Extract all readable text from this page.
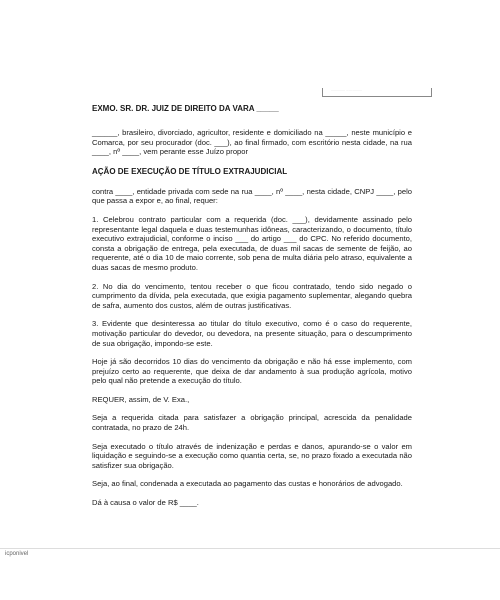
.............. ...............

EXMO. SR. DR. JUIZ DE DIREITO DA VARA _____

______, brasileiro, divorciado, agricultor, residente e domiciliado na _____, neste município e Comarca, por seu procurador (doc. ___), ao final firmado, com escritório nesta cidade, na rua ____, nº ____, vem perante esse Juízo propor

AÇÃO DE EXECUÇÃO DE TÍTULO EXTRAJUDICIAL

contra ____, entidade privada com sede na rua ____, nº ____, nesta cidade, CNPJ ____, pelo que passa a expor e, ao final, requer:

1. Celebrou contrato particular com a requerida (doc. ___), devidamente assinado pelo representante legal daquela e duas testemunhas idôneas, caracterizando, o documento, título executivo extrajudicial, conforme o inciso ___ do artigo ___ do CPC. No referido documento, consta a obrigação de entrega, pela executada, de duas mil sacas de semente de feijão, ao requerente, até o dia 10 de maio corrente, sob pena de multa diária pelo atraso, equivalente a duas sacas de mesmo produto.

2. No dia do vencimento, tentou receber o que ficou contratado, tendo sido negado o cumprimento da dívida, pela executada, que exigia pagamento suplementar, alegando quebra de safra, aumento dos custos, além de outras justificativas.

3. Evidente que desinteressa ao titular do título executivo, como é o caso do requerente, motivação particular do devedor, ou devedora, na presente situação, para o descumprimento de sua obrigação, impondo-se este.

Hoje já são decorridos 10 dias do vencimento da obrigação e não há esse implemento, com prejuízo certo ao requerente, que deixa de dar andamento à sua produção agrícola, motivo pelo qual não pretende a execução do título.

REQUER, assim, de V. Exa.,

Seja a requerida citada para satisfazer a obrigação principal, acrescida da penalidade contratada, no prazo de 24h.

Seja executado o título através de indenização e perdas e danos, apurando-se o valor em liquidação e seguindo-se a execução como quantia certa, se, no prazo fixado a executada não satisfizer sua obrigação.

Seja, ao final, condenada a executada ao pagamento das custas e honorários de advogado.

Dá à causa o valor de R$ ____.

icponivel
